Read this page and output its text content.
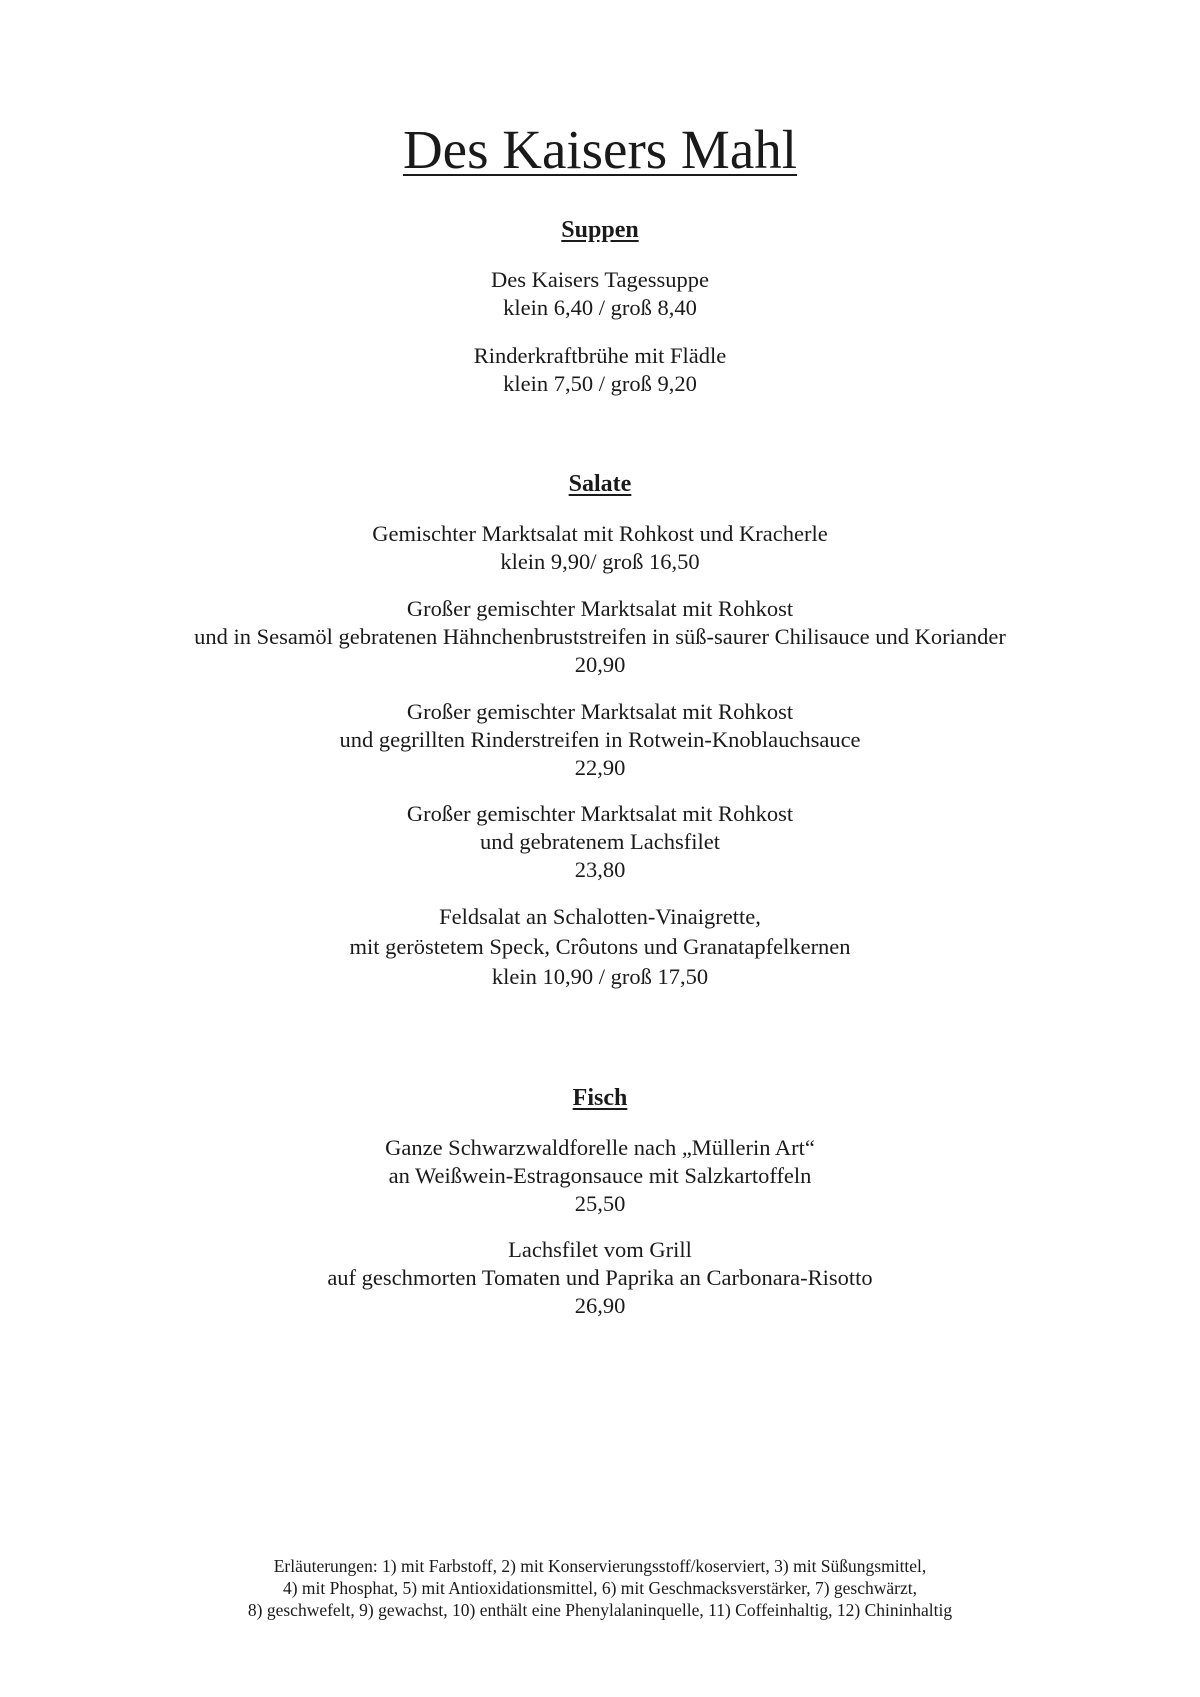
Des Kaisers Mahl
Suppen
Des Kaisers Tagessuppe
klein 6,40 / groß 8,40
Rinderkraftbrühe mit Flädle
klein 7,50 / groß 9,20
Salate
Gemischter Marktsalat mit Rohkost und Kracherle
klein 9,90/ groß 16,50
Großer gemischter Marktsalat mit Rohkost
und in Sesamöl gebratenen Hähnchenbruststreifen in süß-saurer Chilisauce und Koriander
20,90
Großer gemischter Marktsalat mit Rohkost
und gegrillten Rinderstreifen in Rotwein-Knoblauchsauce
22,90
Großer gemischter Marktsalat mit Rohkost
und gebratenem Lachsfilet
23,80
Feldsalat an Schalotten-Vinaigrette,
mit geröstetem Speck, Crôutons und Granatapfelkernen
klein 10,90 / groß 17,50
Fisch
Ganze Schwarzwaldforelle nach „Müllerin Art“
an Weißwein-Estragonsauce mit Salzkartoffeln
25,50
Lachsfilet vom Grill
auf geschmorten Tomaten und Paprika an Carbonara-Risotto
26,90
Erläuterungen: 1) mit Farbstoff, 2) mit Konservierungsstoff/koserviert, 3) mit Süßungsmittel,
4) mit Phosphat, 5) mit Antioxidationsmittel, 6) mit Geschmacksverstärker, 7) geschwärzt,
8) geschwefelt, 9) gewachst, 10) enthält eine Phenylalaninquelle, 11) Coffeinhaltig, 12) Chininhaltig
